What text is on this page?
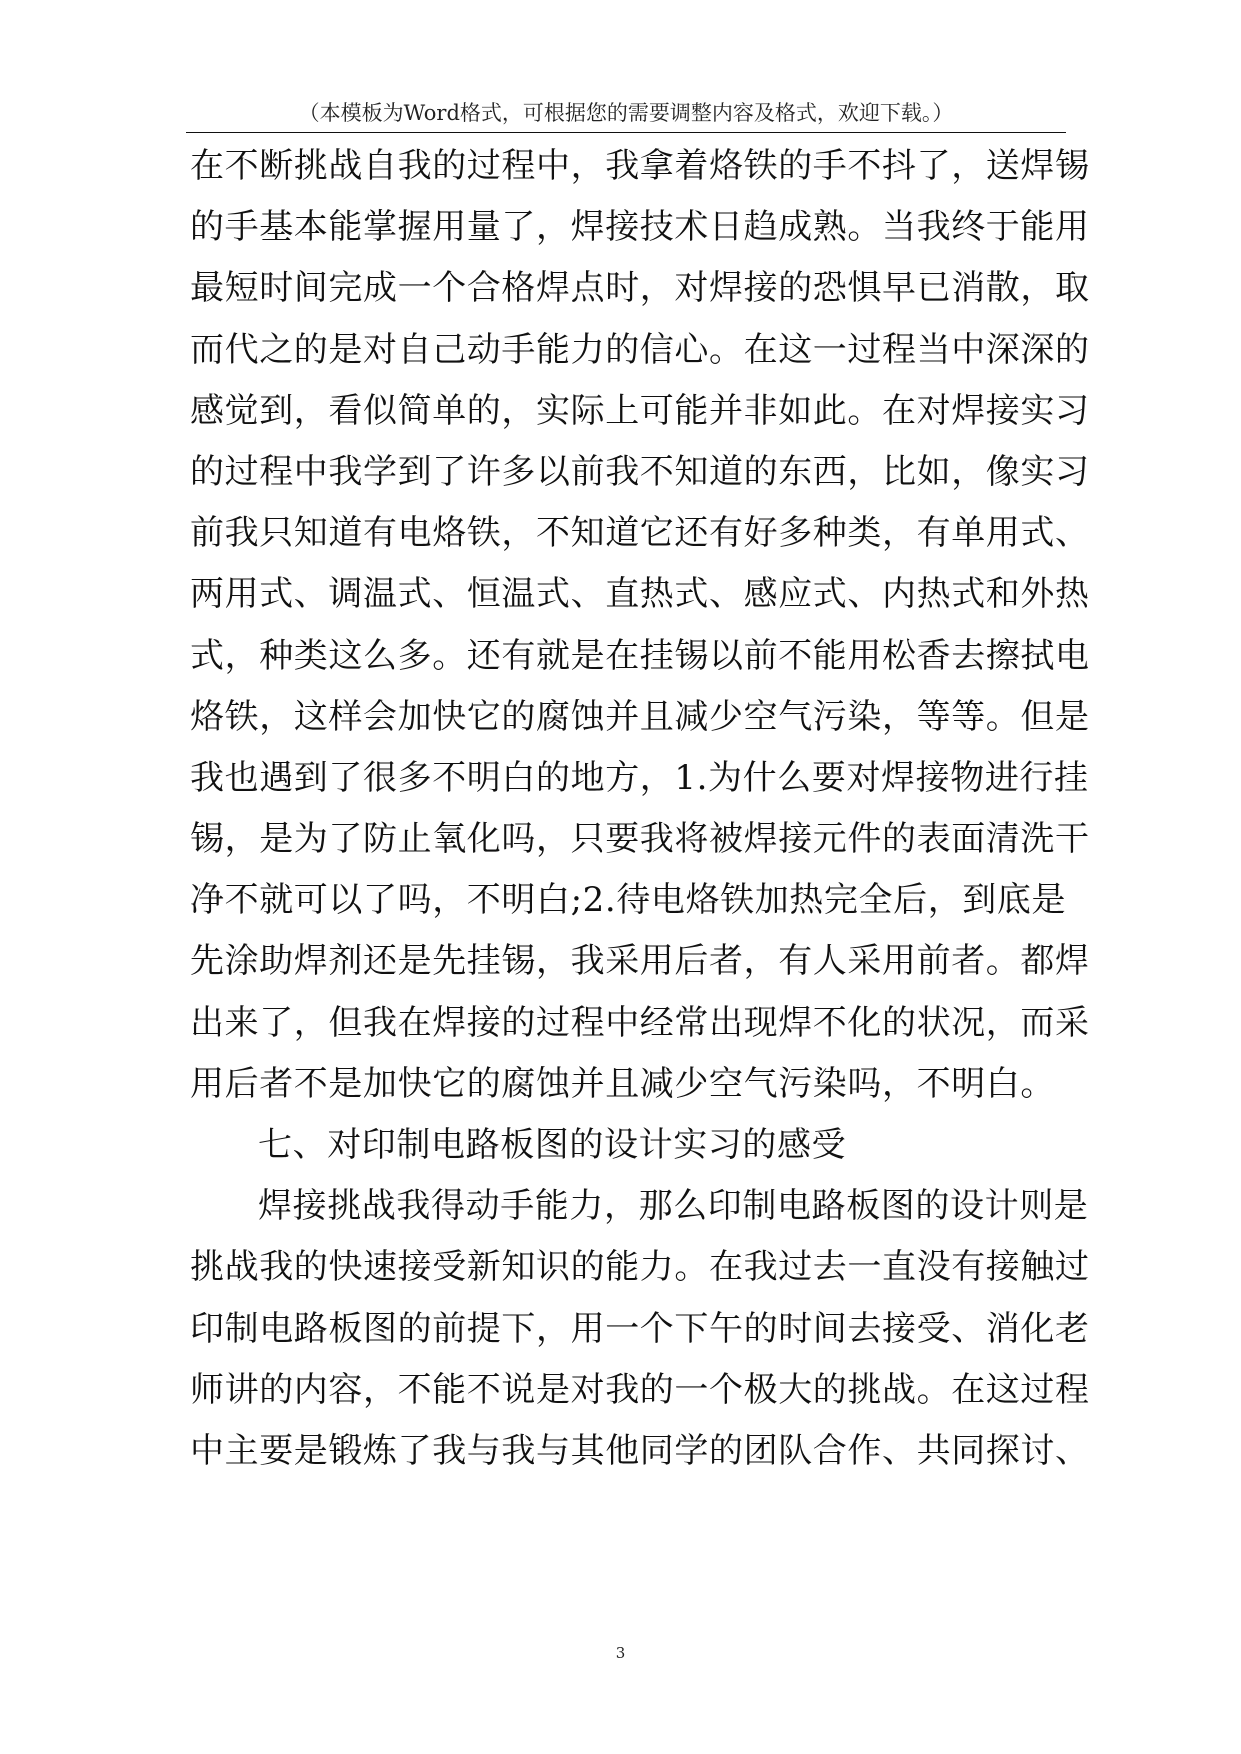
（本模板为Word格式，可根据您的需要调整内容及格式，欢迎下载。）
在不断挑战自我的过程中，我拿着烙铁的手不抖了，送焊锡
的手基本能掌握用量了，焊接技术日趋成熟。当我终于能用
最短时间完成一个合格焊点时，对焊接的恐惧早已消散，取
而代之的是对自己动手能力的信心。在这一过程当中深深的
感觉到，看似简单的，实际上可能并非如此。在对焊接实习
的过程中我学到了许多以前我不知道的东西，比如，像实习
前我只知道有电烙铁，不知道它还有好多种类，有单用式、
两用式、调温式、恒温式、直热式、感应式、内热式和外热
式，种类这么多。还有就是在挂锡以前不能用松香去擦拭电
烙铁，这样会加快它的腐蚀并且减少空气污染，等等。但是
我也遇到了很多不明白的地方，1.为什么要对焊接物进行挂
锡，是为了防止氧化吗，只要我将被焊接元件的表面清洗干
净不就可以了吗，不明白;2.待电烙铁加热完全后，到底是
先涂助焊剂还是先挂锡，我采用后者，有人采用前者。都焊
出来了，但我在焊接的过程中经常出现焊不化的状况，而采
用后者不是加快它的腐蚀并且减少空气污染吗，不明白。
七、对印制电路板图的设计实习的感受
焊接挑战我得动手能力，那么印制电路板图的设计则是
挑战我的快速接受新知识的能力。在我过去一直没有接触过
印制电路板图的前提下，用一个下午的时间去接受、消化老
师讲的内容，不能不说是对我的一个极大的挑战。在这过程
中主要是锻炼了我与我与其他同学的团队合作、共同探讨、
3
